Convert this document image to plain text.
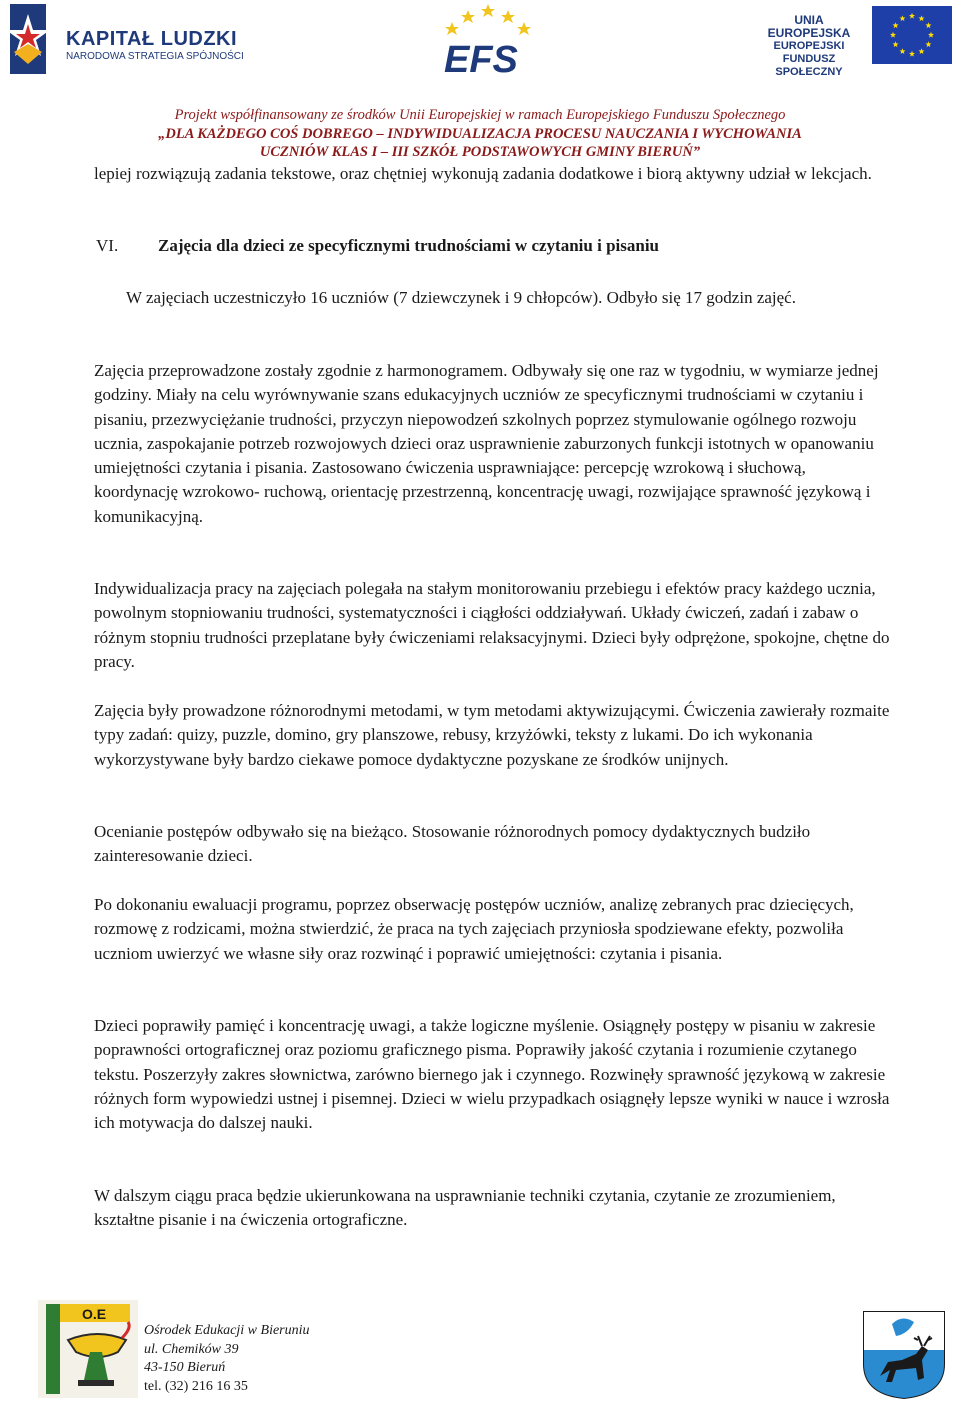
KAPITAŁ LUDZKI
NARODOWA STRATEGIA SPÓJNOŚCI	EFS
UNIA EUROPEJSKA
EUROPEJSKI
FUNDUSZ SPOŁECZNY
Projekt współfinansowany ze środków Unii Europejskiej w ramach Europejskiego Funduszu Społecznego
„DLA KAŻDEGO COŚ DOBREGO – INDYWIDUALIZACJA PROCESU NAUCZANIA I WYCHOWANIA
UCZNIÓW KLAS I – III SZKÓŁ PODSTAWOWYCH GMINY BIERUŃ”

lepiej rozwiązują zadania tekstowe, oraz chętniej wykonują zadania dodatkowe i biorą aktywny udział w lekcjach.

VI. Zajęcia dla dzieci ze specyficznymi trudnościami w czytaniu i pisaniu

W zajęciach uczestniczyło 16 uczniów (7 dziewczynek i 9 chłopców). Odbyło się 17 godzin zajęć.

Zajęcia przeprowadzone zostały zgodnie z harmonogramem. Odbywały się one raz w tygodniu, w wymiarze jednej godziny. Miały na celu wyrównywanie szans edukacyjnych uczniów ze specyficznymi trudnościami w czytaniu i pisaniu, przezwyciężanie trudności, przyczyn niepowodzeń szkolnych poprzez stymulowanie ogólnego rozwoju ucznia, zaspokajanie potrzeb rozwojowych dzieci oraz usprawnienie zaburzonych funkcji istotnych w opanowaniu umiejętności czytania i pisania. Zastosowano ćwiczenia usprawniające: percepcję wzrokową i słuchową, koordynację wzrokowo- ruchową, orientację przestrzenną, koncentrację uwagi, rozwijające sprawność językową i komunikacyjną.

Indywidualizacja pracy na zajęciach polegała na stałym monitorowaniu przebiegu i efektów pracy każdego ucznia, powolnym stopniowaniu trudności, systematyczności i ciągłości oddziaływań. Układy ćwiczeń, zadań i zabaw o różnym stopniu trudności przeplatane były ćwiczeniami relaksacyjnymi. Dzieci były odprężone, spokojne, chętne do pracy.

Zajęcia były prowadzone różnorodnymi metodami, w tym metodami aktywizującymi. Ćwiczenia zawierały rozmaite typy zadań: quizy, puzzle, domino, gry planszowe, rebusy, krzyżówki, teksty z lukami. Do ich wykonania wykorzystywane były bardzo ciekawe pomoce dydaktyczne pozyskane ze środków unijnych.

Ocenianie postępów odbywało się na bieżąco. Stosowanie różnorodnych pomocy dydaktycznych budziło zainteresowanie dzieci.

Po dokonaniu ewaluacji programu, poprzez obserwację postępów uczniów, analizę zebranych prac dziecięcych, rozmowę z rodzicami, można stwierdzić, że praca na tych zajęciach przyniosła spodziewane efekty, pozwoliła uczniom uwierzyć we własne siły oraz rozwinąć i poprawić umiejętności: czytania i pisania.

Dzieci poprawiły pamięć i koncentrację uwagi, a także logiczne myślenie. Osiągnęły postępy w pisaniu w zakresie poprawności ortograficznej oraz poziomu graficznego pisma. Poprawiły jakość czytania i rozumienie czytanego tekstu. Poszerzyły zakres słownictwa, zarówno biernego jak i czynnego. Rozwinęły sprawność językową w zakresie różnych form wypowiedzi ustnej i pisemnej. Dzieci w wielu przypadkach osiągnęły lepsze wyniki w nauce i wzrosła ich motywacja do dalszej nauki.

W dalszym ciągu praca będzie ukierunkowana na usprawnianie techniki czytania, czytanie ze zrozumieniem, kształtne pisanie i na ćwiczenia ortograficzne.

O.E
Ośrodek Edukacji w Bieruniu
ul. Chemików 39
43-150 Bieruń
tel. (32) 216 16 35
